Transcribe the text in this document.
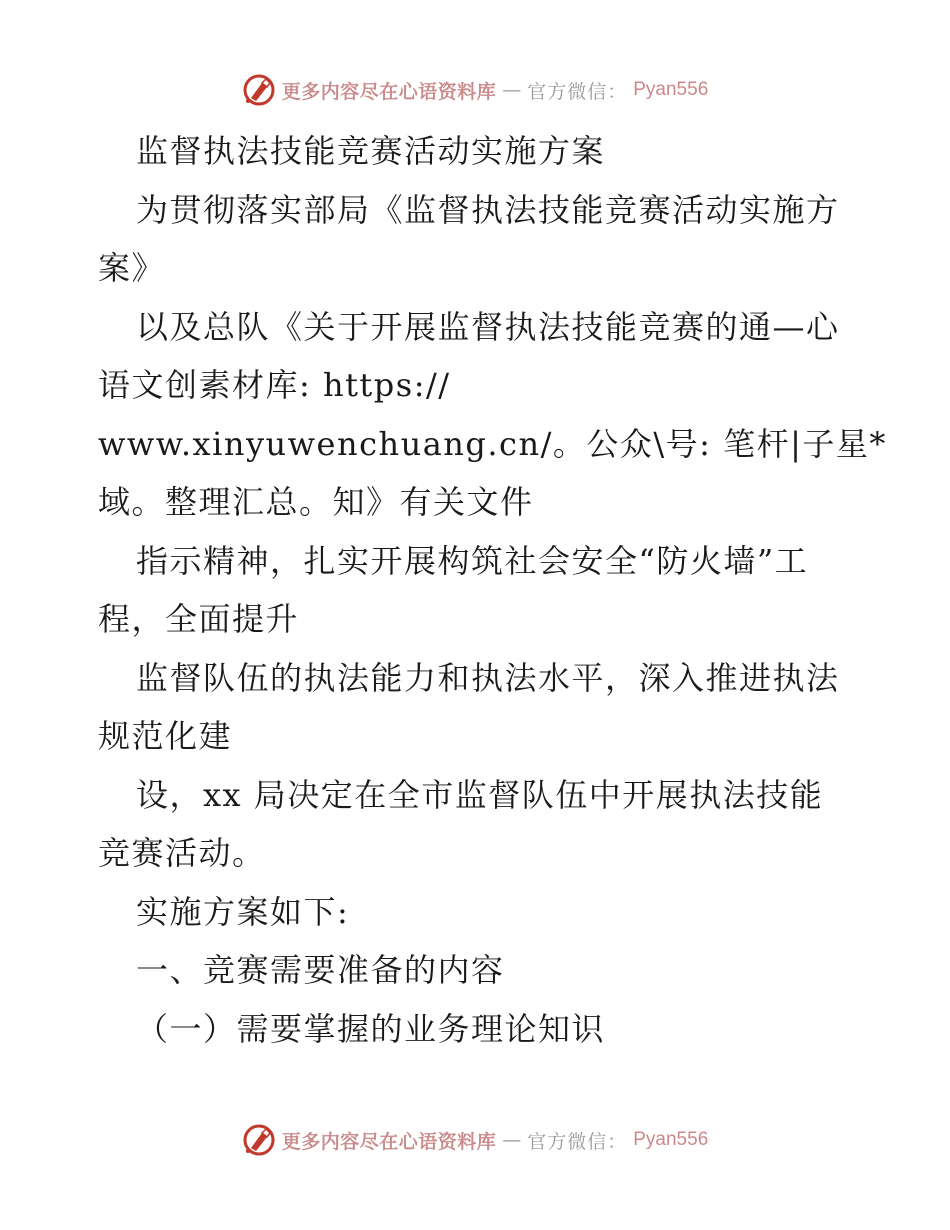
更多内容尽在心语资料库 — 官方微信： Pyan556
监督执法技能竞赛活动实施方案
为贯彻落实部局《监督执法技能竞赛活动实施方
案》
以及总队《关于开展监督执法技能竞赛的通—心
语文创素材库: https://
www.xinyuwenchuang.cn/。公众\号: 笔杆|子星*
域。整理汇总。知》有关文件
指示精神，扎实开展构筑社会安全“防火墙”工
程，全面提升
监督队伍的执法能力和执法水平，深入推进执法
规范化建
设，xx 局决定在全市监督队伍中开展执法技能
竞赛活动。
实施方案如下:
一、竞赛需要准备的内容
（一）需要掌握的业务理论知识
更多内容尽在心语资料库 — 官方微信： Pyan556
